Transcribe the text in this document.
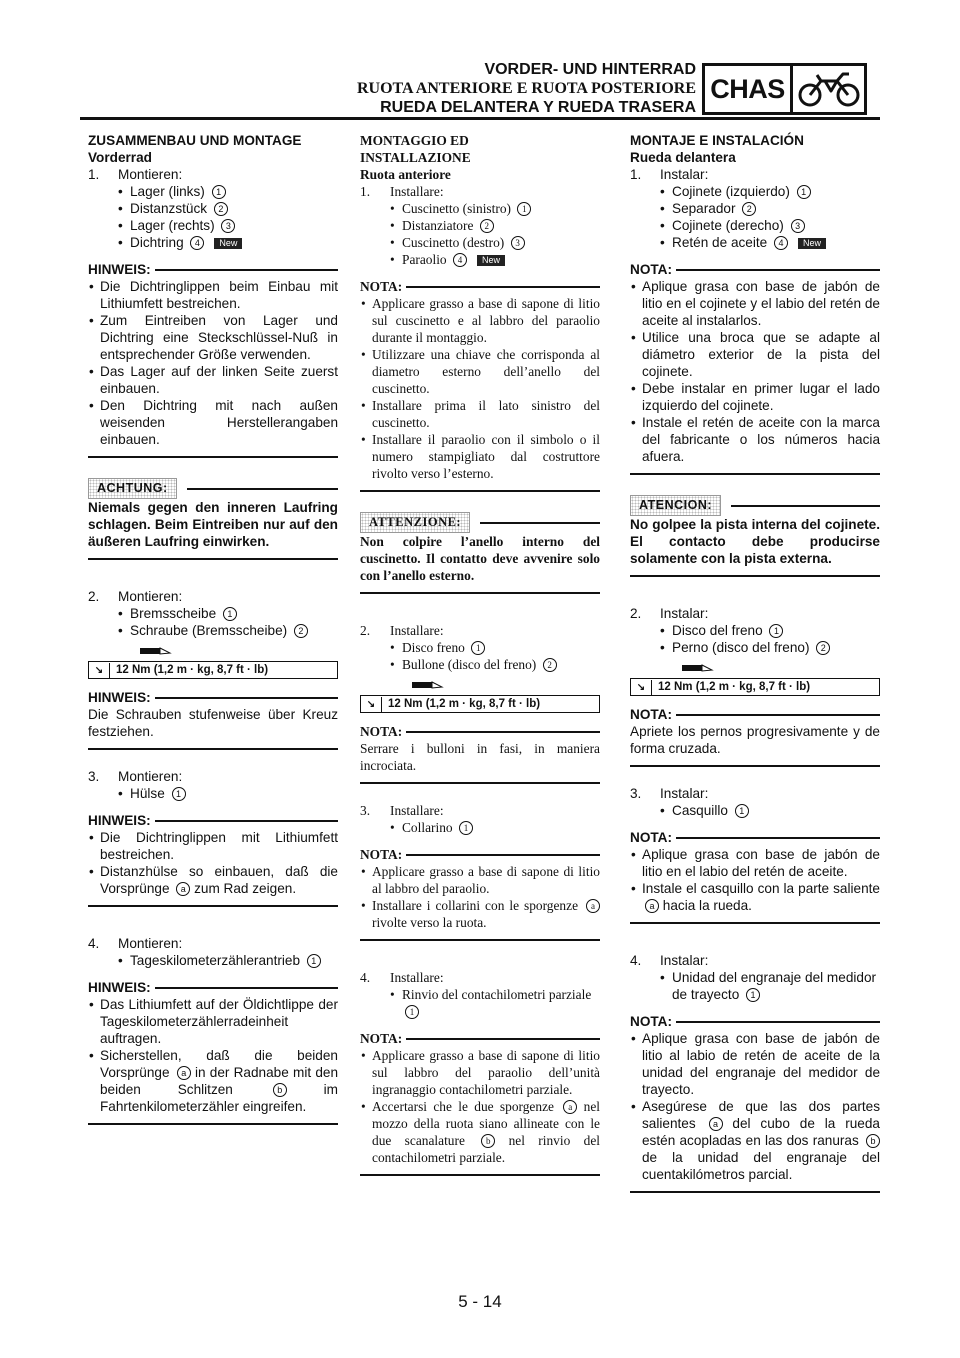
VORDER- UND HINTERRAD
RUOTA ANTERIORE E RUOTA POSTERIORE
RUEDA DELANTERA Y RUEDA TRASERA
CHAS

ZUSAMMENBAU UND MONTAGE

Vorderrad

1. Montieren:

• Lager (links) 1

• Distanzstück 2

• Lager (rechts) 3

• Dichtring 4 New

HINWEIS:

• Die Dichtringlippen beim Einbau mit Lithiumfett bestreichen.

• Zum Eintreiben von Lager und Dichtring eine Steckschlüssel-Nuß in entsprechender Größe verwenden.

• Das Lager auf der linken Seite zuerst einbauen.

• Den Dichtring mit nach außen weisenden Herstellerangaben einbauen.

ACHTUNG:

Niemals gegen den inneren Laufring schlagen. Beim Eintreiben nur auf den äußeren Laufring einwirken.

2. Montieren:

• Bremsscheibe 1

• Schraube (Bremsscheibe) 2

↘ 12 Nm (1,2 m · kg, 8,7 ft · lb)
HINWEIS:

Die Schrauben stufenweise über Kreuz festziehen.

3. Montieren:

• Hülse 1

HINWEIS:

• Die Dichtringlippen mit Lithiumfett bestreichen.

• Distanzhülse so einbauen, daß die Vorsprünge a zum Rad zeigen.

4. Montieren:

• Tageskilometerzählerantrieb 1

HINWEIS:

• Das Lithiumfett auf der Öldichtlippe der Tageskilometerzählerradeinheit auftragen.

• Sicherstellen, daß die beiden Vorsprünge a in der Radnabe mit den beiden Schlitzen	b	im Fahrtenkilometerzähler eingreifen.

MONTAGGIO ED

INSTALLAZIONE

Ruota anteriore

1. Installare:

• Cuscinetto (sinistro) 1

• Distanziatore 2

• Cuscinetto (destro) 3

• Paraolio 4 New

NOTA:

• Applicare grasso a base di sapone di litio sul cuscinetto e al labbro del paraolio durante il montaggio.

• Utilizzare una chiave che corrisponda al diametro esterno dell’anello del cuscinetto.

• Installare prima il lato sinistro del cuscinetto.

• Installare il paraolio con il simbolo o il numero stampigliato dal costruttore rivolto verso l’esterno.

ATTENZIONE:

Non colpire l’anello interno del cuscinetto. Il contatto deve avvenire solo con l’anello esterno.

2. Installare:

• Disco freno 1

• Bullone (disco del freno) 2

↘ 12 Nm (1,2 m · kg, 8,7 ft · lb)
NOTA:

Serrare i bulloni in fasi, in maniera incrociata.

3. Installare:

• Collarino 1

NOTA:

• Applicare grasso a base di sapone di litio al labbro del paraolio.

• Installare i collarini con le sporgenze a rivolte verso la ruota.

4. Installare:

• Rinvio del contachilometri parziale 1

NOTA:

• Applicare grasso a base di sapone di litio sul labbro del paraolio dell’unità ingranaggio contachilometri parziale.

• Accertarsi che le due sporgenze a nel mozzo della ruota siano allineate con le due scanalature b nel rinvio del contachilometri parziale.

MONTAJE E INSTALACIÓN

Rueda delantera

1. Instalar:

• Cojinete (izquierdo) 1

• Separador 2

• Cojinete (derecho) 3

• Retén de aceite 4 New

NOTA:

• Aplique grasa con base de jabón de litio en el cojinete y el labio del retén de aceite al instalarlos.

• Utilice una broca que se adapte al diámetro exterior de la pista del cojinete.

• Debe instalar en primer lugar el lado izquierdo del cojinete.

• Instale el retén de aceite con la marca del fabricante o los números hacia afuera.

ATENCION:

No golpee la pista interna del cojinete. El contacto debe producirse solamente con la pista externa.

2. Instalar:

• Disco del freno 1

• Perno (disco del freno) 2

↘ 12 Nm (1,2 m · kg, 8,7 ft · lb)
NOTA:

Apriete los pernos progresivamente y de forma cruzada.

3. Instalar:

• Casquillo 1

NOTA:

• Aplique grasa con base de jabón de litio en el labio del retén de aceite.

• Instale el casquillo con la parte saliente a hacia la rueda.

4. Instalar:

• Unidad del engranaje del medidor de trayecto 1

NOTA:

• Aplique grasa con base de jabón de litio al labio de retén de aceite de la unidad del engranaje del medidor de trayecto.

• Asegúrese de que las dos partes salientes a del cubo de la rueda estén acopladas en las dos ranuras b de la unidad del engranaje del cuentakilómetros parcial.

5 - 14
